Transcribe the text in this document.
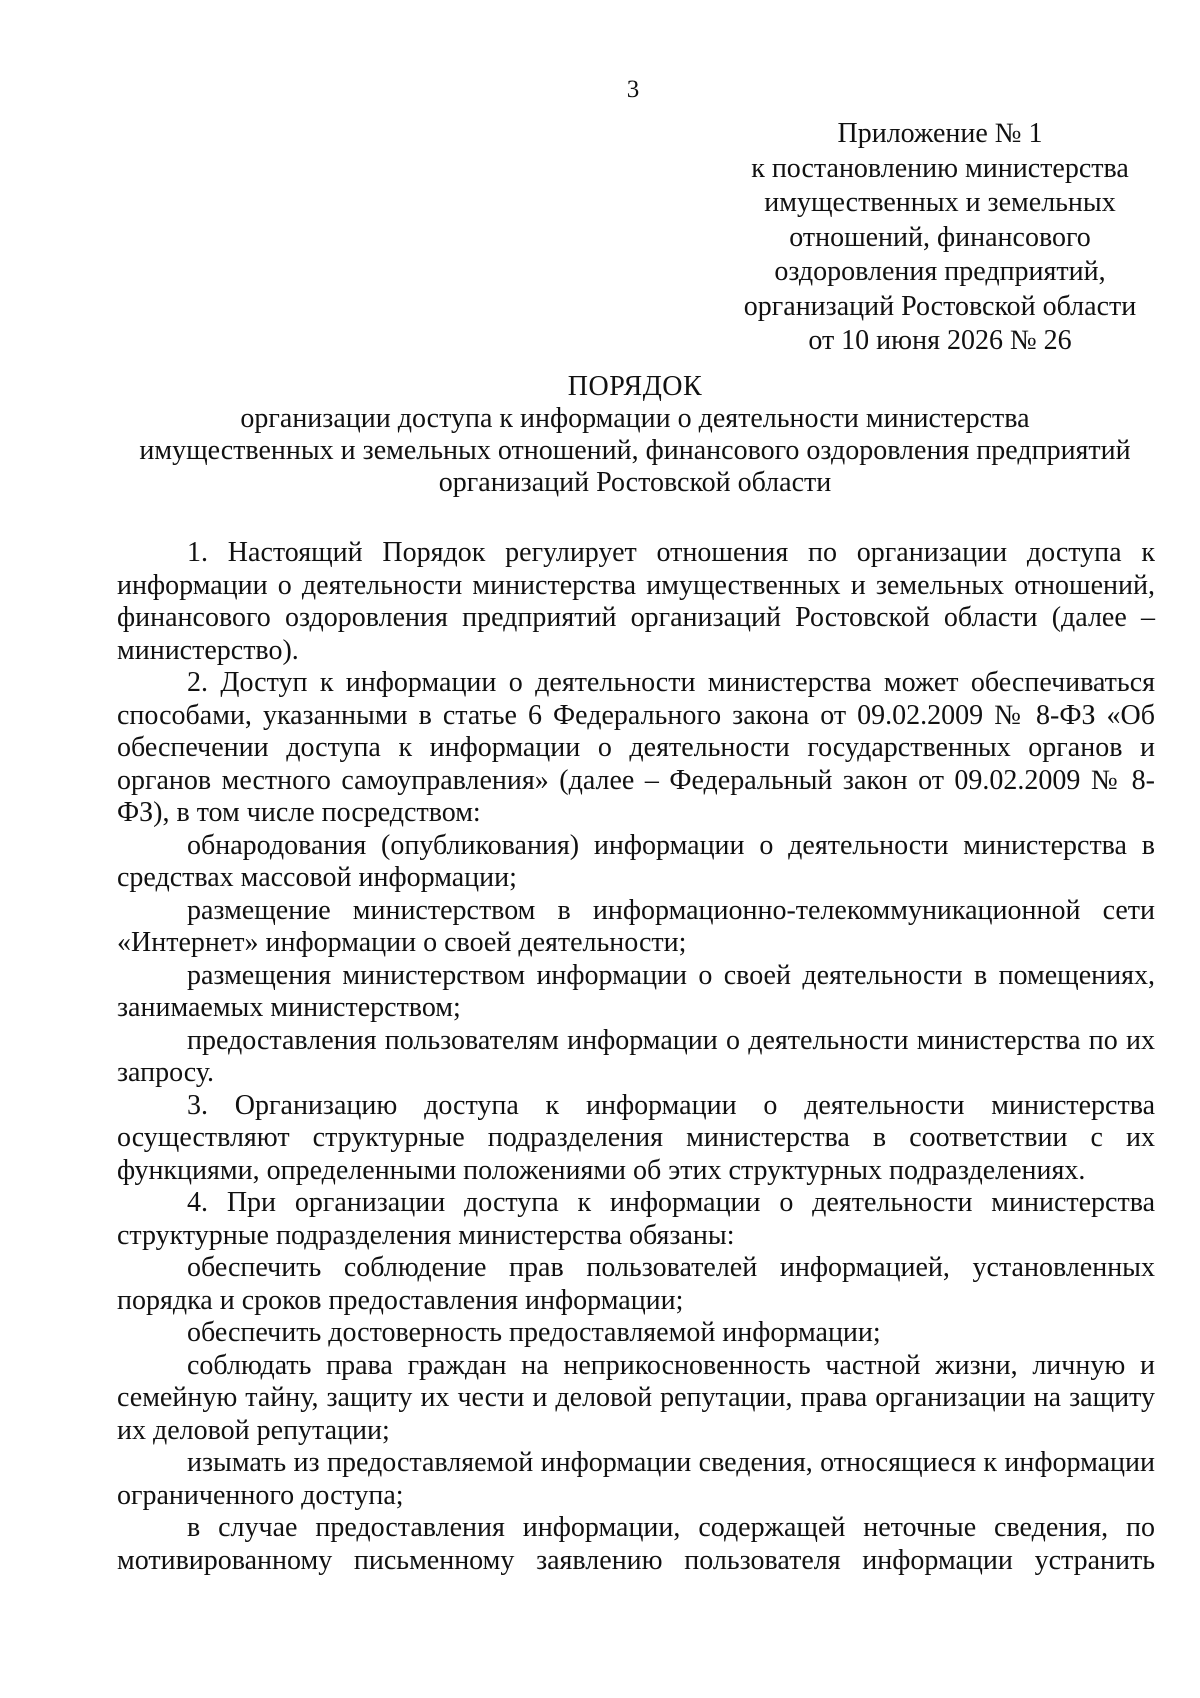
3
Приложение № 1
к постановлению министерства
имущественных и земельных
отношений, финансового
оздоровления предприятий,
организаций Ростовской области
от 10 июня 2026 № 26
ПОРЯДОК
организации доступа к информации о деятельности министерства
имущественных и земельных отношений, финансового оздоровления предприятий
организаций Ростовской области

1. Настоящий Порядок регулирует отношения по организации доступа к информации о деятельности министерства имущественных и земельных отношений, финансового оздоровления предприятий организаций Ростовской области (далее – министерство).

2. Доступ к информации о деятельности министерства может обеспечиваться способами, указанными в статье 6 Федерального закона от 09.02.2009 № 8-ФЗ «Об обеспечении доступа к информации о деятельности государственных органов и органов местного самоуправления» (далее – Федеральный закон от 09.02.2009 № 8-ФЗ), в том числе посредством:

обнародования (опубликования) информации о деятельности министерства в средствах массовой информации;

размещение министерством в информационно-телекоммуникационной сети «Интернет» информации о своей деятельности;

размещения министерством информации о своей деятельности в помещениях, занимаемых министерством;

предоставления пользователям информации о деятельности министерства по их запросу.

3. Организацию доступа к информации о деятельности министерства осуществляют структурные подразделения министерства в соответствии с их функциями, определенными положениями об этих структурных подразделениях.

4. При организации доступа к информации о деятельности министерства структурные подразделения министерства обязаны:

обеспечить соблюдение прав пользователей информацией, установленных порядка и сроков предоставления информации;

обеспечить достоверность предоставляемой информации;

соблюдать права граждан на неприкосновенность частной жизни, личную и семейную тайну, защиту их чести и деловой репутации, права организации на защиту их деловой репутации;

изымать из предоставляемой информации сведения, относящиеся к информации ограниченного доступа;

в случае предоставления информации, содержащей неточные сведения, по мотивированному письменному заявлению пользователя информации устранить
